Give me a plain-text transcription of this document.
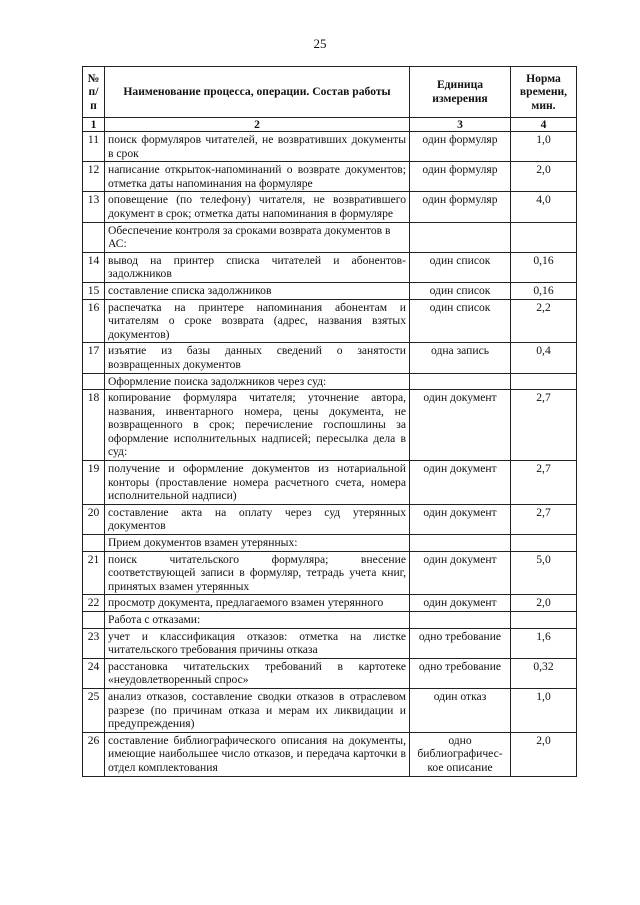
25
№ п/п	Наименование процесса, операции. Состав работы	Единица измерения	Норма времени, мин.
1	2	3	4
11	поиск формуляров читателей, не возвративших документы в срок	один формуляр	1,0
12	написание открыток-напоминаний о возврате документов; отметка даты напоминания на формуляре	один формуляр	2,0
13	оповещение (по телефону) читателя, не возвратившего документ в срок; отметка даты напоминания в формуляре	один формуляр	4,0
	Обеспечение контроля за сроками возврата документов в АС:		
14	вывод на принтер списка читателей и абонентов-задолжников	один список	0,16
15	составление списка задолжников	один список	0,16
16	распечатка на принтере напоминания абонентам и читателям о сроке возврата (адрес, названия взятых документов)	один список	2,2
17	изъятие из базы данных сведений о занятости возвращенных документов	одна запись	0,4
	Оформление поиска задолжников через суд:		
18	копирование формуляра читателя; уточнение автора, названия, инвентарного номера, цены документа, не возвращенного в срок; перечисление госпошлины за оформление исполнительных надписей; пересылка дела в суд:	один документ	2,7
19	получение и оформление документов из нотариальной конторы (проставление номера расчетного счета, номера исполнительной надписи)	один документ	2,7
20	составление акта на оплату через суд утерянных документов	один документ	2,7
	Прием документов взамен утерянных:		
21	поиск читательского формуляра; внесение соответствующей записи в формуляр, тетрадь учета книг, принятых взамен утерянных	один документ	5,0
22	просмотр документа, предлагаемого взамен утерянного	один документ	2,0
	Работа с отказами:		
23	учет и классификация отказов: отметка на листке читательского требования причины отказа	одно требование	1,6
24	расстановка читательских требований в картотеке «неудовлетворенный спрос»	одно требование	0,32
25	анализ отказов, составление сводки отказов в отраслевом разрезе (по причинам отказа и мерам их ликвидации и предупреждения)	один отказ	1,0
26	составление библиографического описания на документы, имеющие наибольшее число отказов, и передача карточки в отдел комплектования	одно библиографичес-кое описание	2,0
